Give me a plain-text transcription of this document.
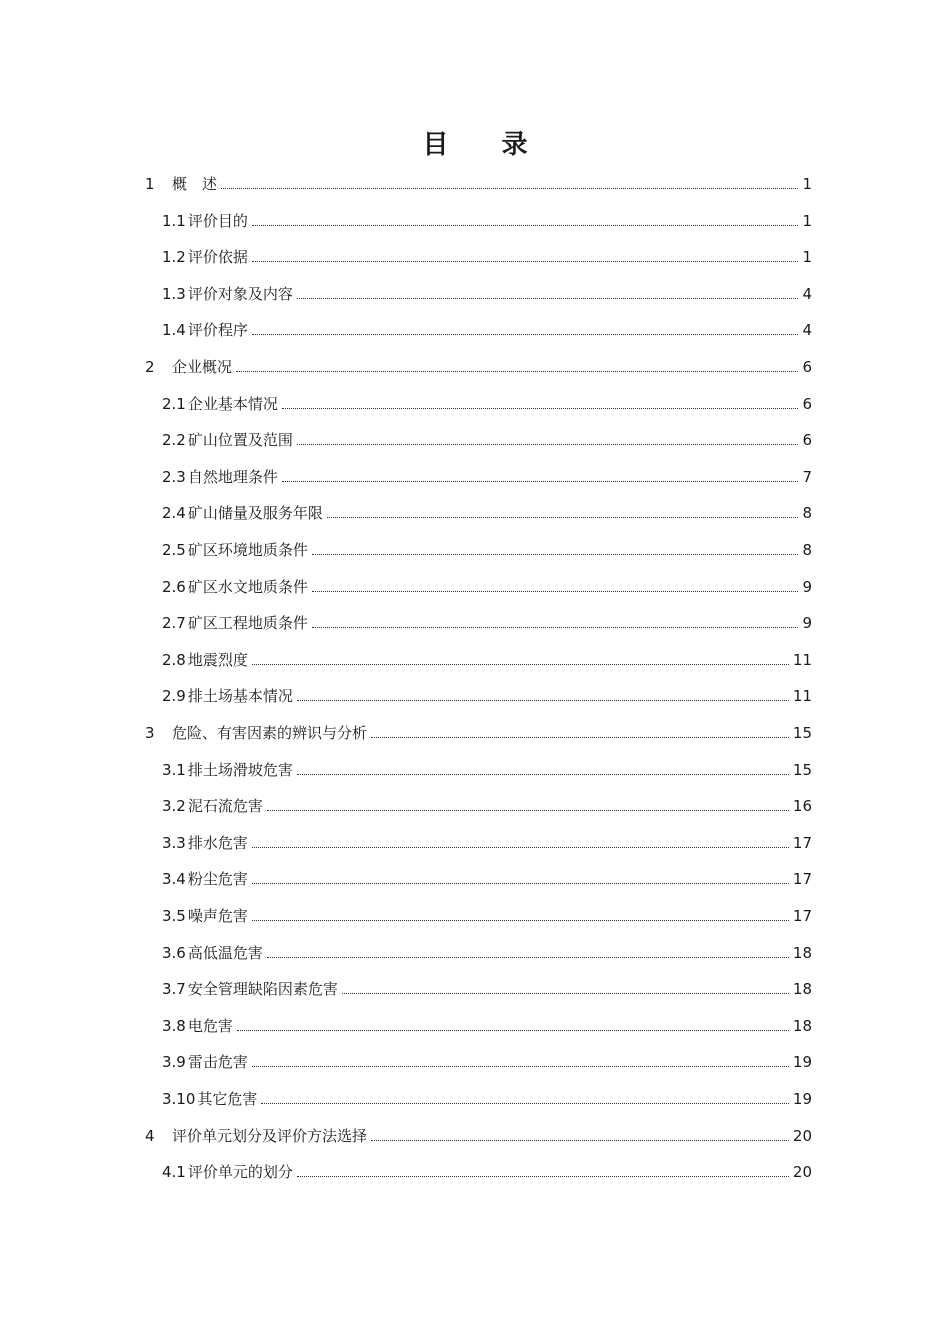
目 录
1	概　述	1
1.1 评价目的	1
1.2 评价依据	1
1.3 评价对象及内容	4
1.4 评价程序	4
2	企业概况	6
2.1 企业基本情况	6
2.2 矿山位置及范围	6
2.3 自然地理条件	7
2.4 矿山储量及服务年限	8
2.5 矿区环境地质条件	8
2.6 矿区水文地质条件	9
2.7 矿区工程地质条件	9
2.8 地震烈度	11
2.9 排土场基本情况	11
3	危险、有害因素的辨识与分析	15
3.1 排土场滑坡危害	15
3.2 泥石流危害	16
3.3 排水危害	17
3.4 粉尘危害	17
3.5 噪声危害	17
3.6 高低温危害	18
3.7 安全管理缺陷因素危害	18
3.8 电危害	18
3.9 雷击危害	19
3.10 其它危害	19
4	评价单元划分及评价方法选择	20
4.1 评价单元的划分	20
